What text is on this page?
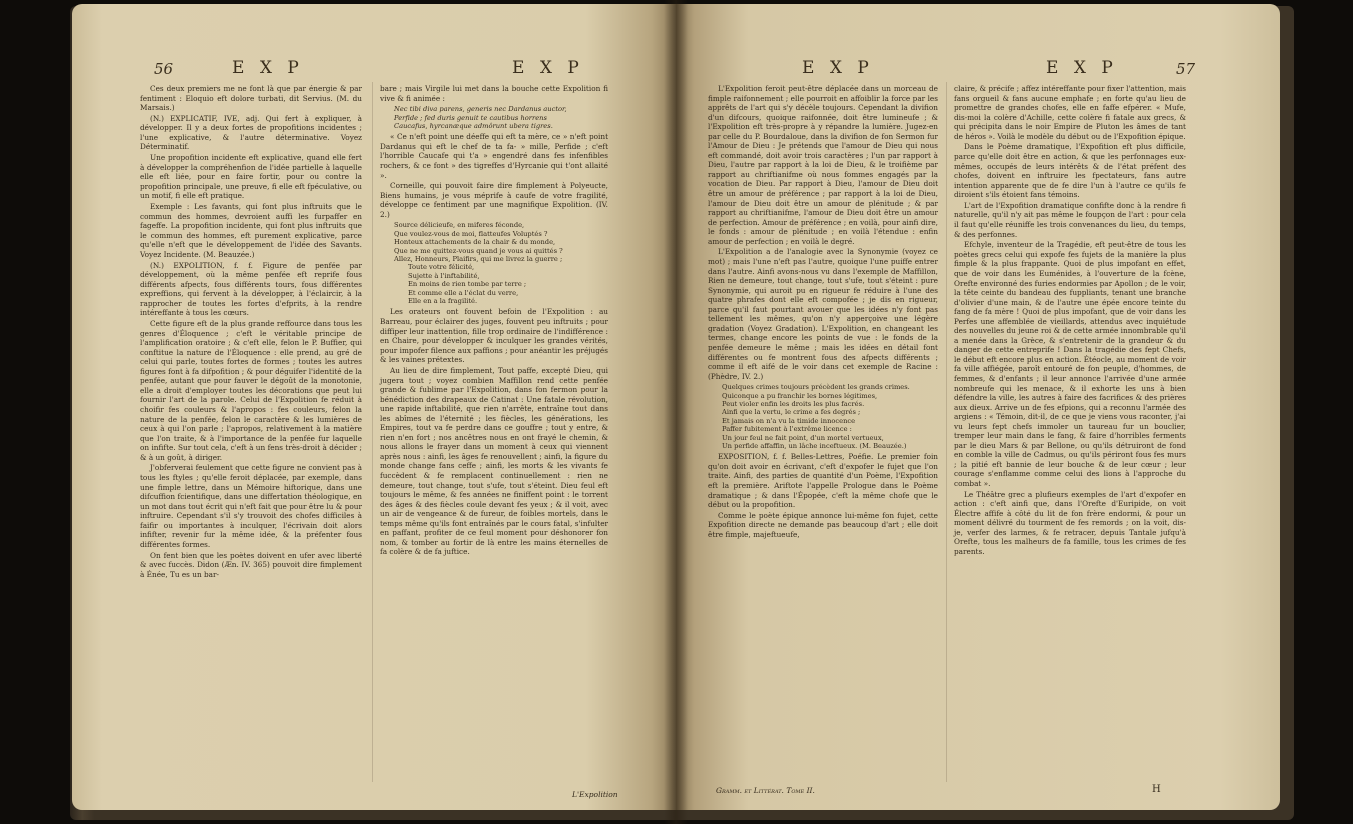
56	E X P	E X P

Ces deux premiers me ne font là que par énergie & par fentiment : Eloquio eft dolore turbati, dit Servius. (M. du Marsais.)

(N.) EXPLICATIF, IVE, adj. Qui fert à expliquer, à développer. Il y a deux fortes de propofitions incidentes ; l'une explicative, & l'autre déterminative. Voyez Déterminatif.

Une propofition incidente eft explicative, quand elle fert à développer la compréhenfion de l'idée partielle à laquelle elle eft liée, pour en faire fortir, pour ou contre la propofition principale, une preuve, fi elle eft fpéculative, ou un motif, fi elle eft pratique.

Exemple : Les favants, qui font plus inftruits que le commun des hommes, devroient auffi les furpaffer en fageffe. La propofition incidente, qui font plus inftruits que le commun des hommes, eft purement explicative, parce qu'elle n'eft que le développement de l'idée des Savants. Voyez Incidente. (M. Beauzée.)

(N.) EXPOLITION, f. f. Figure de penfée par développement, où la même penfée eft reprife fous différents afpects, fous différents tours, fous différentes expreffions, qui fervent à la développer, à l'éclaircir, à la rapprocher de toutes les fortes d'efprits, à la rendre intéreffante à tous les cœurs.

Cette figure eft de la plus grande reffource dans tous les genres d'Éloquence ; c'eft le véritable principe de l'amplification oratoire ; & c'eft elle, felon le P. Buffier, qui conftitue la nature de l'Éloquence : elle prend, au gré de celui qui parle, toutes fortes de formes ; toutes les autres figures font à fa difpofition ; & pour déguifer l'identité de la penfée, autant que pour fauver le dégoût de la monotonie, elle a droit d'employer toutes les décorations que peut lui fournir l'art de la parole. Celui de l'Expolition fe réduit à choifir fes couleurs & l'apropos : fes couleurs, felon la nature de la penfée, felon le caractère & les lumières de ceux à qui l'on parle ; l'apropos, relativement à la matière que l'on traite, & à l'importance de la penfée fur laquelle on infifte. Sur tout cela, c'eft à un fens très-droit à décider ; & à un goût, à diriger.

J'obferverai feulement que cette figure ne convient pas à tous les ftyles ; qu'elle feroit déplacée, par exemple, dans une fimple lettre, dans un Mémoire hiftorique, dans une difcuffion fcientifique, dans une differtation théologique, en un mot dans tout écrit qui n'eft fait que pour être lu & pour inftruire. Cependant s'il s'y trouvoit des chofes difficiles à faifir ou importantes à inculquer, l'écrivain doit alors infifter, revenir fur la même idée, & la préfenter fous différentes formes.

On fent bien que les poètes doivent en ufer avec liberté & avec fuccès. Didon (Æn. IV. 365) pouvoit dire fimplement à Énée, Tu es un bar-

bare ; mais Virgile lui met dans la bouche cette Expolition fi vive & fi animée :

Nec tibi diva parens, generis nec Dardanus auctor,
Perfide ; fed duris genuit te cautibus horrens
Caucafus, hyrcanæque admôrunt ubera tigres.

« Ce n'eft point une déeffe qui eft ta mère, ce » n'eft point Dardanus qui eft le chef de ta fa- » mille, Perfide ; c'eft l'horrible Caucafe qui t'a » engendré dans fes infenfibles rochers, & ce font » des tigreffes d'Hyrcanie qui t'ont allaité ».

Corneille, qui pouvoit faire dire fimplement à Polyeucte, Biens humains, je vous méprife à caufe de votre fragilité, développe ce fentiment par une magnifique Expolition. (IV. 2.)

Source délicieufe, en miferes féconde,
Que voulez-vous de moi, flatteufes Voluptés ?
Honteux attachements de la chair & du monde,
Que ne me quittez-vous quand je vous ai quittés ?
Allez, Honneurs, Plaifirs, qui me livrez la guerre ;
Toute votre félicité,
Sujette à l'inftabilité,
En moins de rien tombe par terre ;
Et comme elle a l'éclat du verre,
Elle en a la fragilité.

Les orateurs ont fouvent befoin de l'Expolition : au Barreau, pour éclairer des juges, fouvent peu inftruits ; pour diffiper leur inattention, fille trop ordinaire de l'indifférence : en Chaire, pour développer & inculquer les grandes vérités, pour impofer filence aux paffions ; pour anéantir les préjugés & les vaines prétextes.

Au lieu de dire fimplement, Tout paffe, excepté Dieu, qui jugera tout ; voyez combien Maffillon rend cette penfée grande & fublime par l'Expolition, dans fon fermon pour la bénédiction des drapeaux de Catinat : Une fatale révolution, une rapide inftabilité, que rien n'arrête, entraîne tout dans les abîmes de l'éternité ; les fiècles, les générations, les Empires, tout va fe perdre dans ce gouffre ; tout y entre, & rien n'en fort ; nos ancêtres nous en ont frayé le chemin, & nous allons le frayer dans un moment à ceux qui viennent après nous : ainfi, les âges fe renouvellent ; ainfi, la figure du monde change fans ceffe ; ainfi, les morts & les vivants fe fuccèdent & fe remplacent continuellement : rien ne demeure, tout change, tout s'ufe, tout s'éteint. Dieu feul eft toujours le même, & fes années ne finiffent point : le torrent des âges & des fiècles coule devant fes yeux ; & il voit, avec un air de vengeance & de fureur, de foibles mortels, dans le temps même qu'ils font entraînés par le cours fatal, s'infulter en paffant, profiter de ce feul moment pour déshonorer fon nom, & tomber au fortir de là entre les mains éternelles de fa colère & de fa juftice.

L'Expolition
E X P	E X P	57

L'Expolition feroit peut-être déplacée dans un morceau de fimple raifonnement ; elle pourroit en affoiblir la force par les apprêts de l'art qui s'y décèle toujours. Cependant la divifion d'un difcours, quoique raifonnée, doit être lumineufe ; & l'Expolition eft très-propre à y répandre la lumière. Jugez-en par celle du P. Bourdaloue, dans la divifion de fon Sermon fur l'Amour de Dieu : Je prétends que l'amour de Dieu qui nous eft commandé, doit avoir trois caractères ; l'un par rapport à Dieu, l'autre par rapport à la loi de Dieu, & le troifième par rapport au chriftianifme où nous fommes engagés par la vocation de Dieu. Par rapport à Dieu, l'amour de Dieu doit être un amour de préférence ; par rapport à la loi de Dieu, l'amour de Dieu doit être un amour de plénitude ; & par rapport au chriftianifme, l'amour de Dieu doit être un amour de perfection. Amour de préférence ; en voilà, pour ainfi dire, le fonds : amour de plénitude ; en voilà l'étendue : enfin amour de perfection ; en voilà le degré.

L'Expolition a de l'analogie avec la Synonymie (voyez ce mot) ; mais l'une n'eft pas l'autre, quoique l'une puiffe entrer dans l'autre. Ainfi avons-nous vu dans l'exemple de Maffillon, Rien ne demeure, tout change, tout s'ufe, tout s'éteint : pure Synonymie, qui auroit pu en rigueur fe réduire à l'une des quatre phrafes dont elle eft compofée ; je dis en rigueur, parce qu'il faut pourtant avouer que les idées n'y font pas tellement les mêmes, qu'on n'y apperçoive une légère gradation (Voyez Gradation). L'Expolition, en changeant les termes, change encore les points de vue : le fonds de la penfée demeure le même ; mais les idées en détail font différentes ou fe montrent fous des afpects différents ; comme il eft aifé de le voir dans cet exemple de Racine : (Phèdre, IV. 2.)

Quelques crimes toujours précèdent les grands crimes.
Quiconque a pu franchir les bornes légitimes,
Peut violer enfin les droits les plus facrés.
Ainfi que la vertu, le crime a fes degrés ;
Et jamais on n'a vu la timide innocence
Paffer fubitement à l'extrême licence :
Un jour feul ne fait point, d'un mortel vertueux,
Un perfide affaffin, un lâche inceftueux. (M. Beauzée.)

EXPOSITION, f. f. Belles-Lettres, Poéfie. Le premier foin qu'on doit avoir en écrivant, c'eft d'expofer le fujet que l'on traite. Ainfi, des parties de quantité d'un Poème, l'Expofition eft la première. Ariftote l'appelle Prologue dans le Poème dramatique ; & dans l'Épopée, c'eft la même chofe que le début ou la propofition.

Comme le poète épique annonce lui-même fon fujet, cette Expofition directe ne demande pas beaucoup d'art ; elle doit être fimple, majeftueufe,

claire, & précife ; affez intéreffante pour fixer l'attention, mais fans orgueil & fans aucune emphafe ; en forte qu'au lieu de promettre de grandes chofes, elle en faffe efpérer. « Mufe, dis-moi la colère d'Achille, cette colère fi fatale aux grecs, & qui précipita dans le noir Empire de Pluton les âmes de tant de héros ». Voilà le modèle du début ou de l'Expofition épique.

Dans le Poème dramatique, l'Expofition eft plus difficile, parce qu'elle doit être en action, & que les perfonnages eux-mêmes, occupés de leurs intérêts & de l'état préfent des chofes, doivent en inftruire les fpectateurs, fans autre intention apparente que de fe dire l'un à l'autre ce qu'ils fe diroient s'ils étoient fans témoins.

L'art de l'Expofition dramatique confifte donc à la rendre fi naturelle, qu'il n'y ait pas même le foupçon de l'art : pour cela il faut qu'elle réuniffe les trois convenances du lieu, du temps, & des perfonnes.

Efchyle, inventeur de la Tragédie, eft peut-être de tous les poètes grecs celui qui expofe fes fujets de la manière la plus fimple & la plus frappante. Quoi de plus impofant en effet, que de voir dans les Euménides, à l'ouverture de la fcène, Orefte environné des furies endormies par Apollon ; de le voir, la tête ceinte du bandeau des fuppliants, tenant une branche d'olivier d'une main, & de l'autre une épée encore teinte du fang de fa mère ! Quoi de plus impofant, que de voir dans les Perfes une affemblée de vieillards, attendus avec inquiétude des nouvelles du jeune roi & de cette armée innombrable qu'il a menée dans la Grèce, & s'entretenir de la grandeur & du danger de cette entreprife ! Dans la tragédie des fept Chefs, le début eft encore plus en action. Étéocle, au moment de voir fa ville affiégée, paroît entouré de fon peuple, d'hommes, de femmes, & d'enfants ; il leur annonce l'arrivée d'une armée nombreufe qui les menace, & il exhorte les uns à bien défendre la ville, les autres à faire des facrifices & des prières aux dieux. Arrive un de fes efpions, qui a reconnu l'armée des argiens : « Témoin, dit-il, de ce que je viens vous raconter, j'ai vu leurs fept chefs immoler un taureau fur un bouclier, tremper leur main dans le fang, & faire d'horribles ferments par le dieu Mars & par Bellone, ou qu'ils détruiront de fond en comble la ville de Cadmus, ou qu'ils périront fous fes murs ; la pitié eft bannie de leur bouche & de leur cœur ; leur courage s'enflamme comme celui des lions à l'approche du combat ».

Le Théâtre grec a plufieurs exemples de l'art d'expofer en action : c'eft ainfi que, dans l'Orefte d'Euripide, on voit Électre affife à côté du lit de fon frère endormi, & pour un moment délivré du tourment de fes remords ; on la voit, dis-je, verfer des larmes, & fe retracer, depuis Tantale jufqu'à Orefte, tous les malheurs de fa famille, tous les crimes de fes parents.

Gramm. et Littérat. Tome II.	H
